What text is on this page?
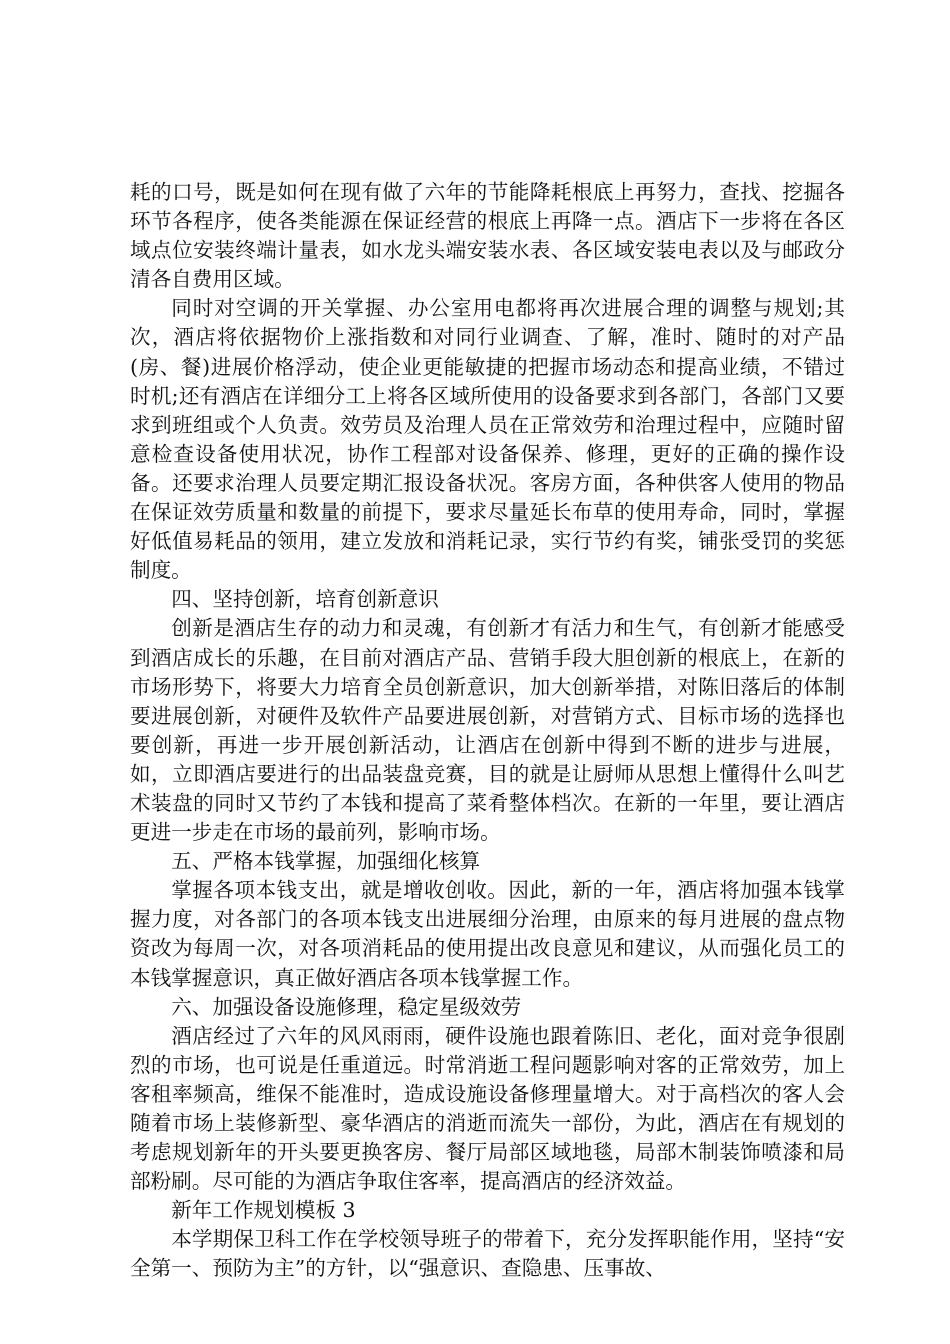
耗的口号，既是如何在现有做了六年的节能降耗根底上再努力，查找、挖掘各环节各程序，使各类能源在保证经营的根底上再降一点。酒店下一步将在各区域点位安装终端计量表，如水龙头端安装水表、各区域安装电表以及与邮政分清各自费用区域。

同时对空调的开关掌握、办公室用电都将再次进展合理的调整与规划;其次，酒店将依据物价上涨指数和对同行业调查、了解，准时、随时的对产品(房、餐)进展价格浮动，使企业更能敏捷的把握市场动态和提高业绩，不错过时机;还有酒店在详细分工上将各区域所使用的设备要求到各部门，各部门又要求到班组或个人负责。效劳员及治理人员在正常效劳和治理过程中，应随时留意检查设备使用状况，协作工程部对设备保养、修理，更好的正确的操作设备。还要求治理人员要定期汇报设备状况。客房方面，各种供客人使用的物品在保证效劳质量和数量的前提下，要求尽量延长布草的使用寿命，同时，掌握好低值易耗品的领用，建立发放和消耗记录，实行节约有奖，铺张受罚的奖惩制度。

四、坚持创新，培育创新意识

创新是酒店生存的动力和灵魂，有创新才有活力和生气，有创新才能感受到酒店成长的乐趣，在目前对酒店产品、营销手段大胆创新的根底上，在新的市场形势下，将要大力培育全员创新意识，加大创新举措，对陈旧落后的体制要进展创新，对硬件及软件产品要进展创新，对营销方式、目标市场的选择也要创新，再进一步开展创新活动，让酒店在创新中得到不断的进步与进展，如，立即酒店要进行的出品装盘竞赛，目的就是让厨师从思想上懂得什么叫艺术装盘的同时又节约了本钱和提高了菜肴整体档次。在新的一年里，要让酒店更进一步走在市场的最前列，影响市场。

五、严格本钱掌握，加强细化核算

掌握各项本钱支出，就是增收创收。因此，新的一年，酒店将加强本钱掌握力度，对各部门的各项本钱支出进展细分治理，由原来的每月进展的盘点物资改为每周一次，对各项消耗品的使用提出改良意见和建议，从而强化员工的本钱掌握意识，真正做好酒店各项本钱掌握工作。

六、加强设备设施修理，稳定星级效劳

酒店经过了六年的风风雨雨，硬件设施也跟着陈旧、老化，面对竞争很剧烈的市场，也可说是任重道远。时常消逝工程问题影响对客的正常效劳，加上客租率频高，维保不能准时，造成设施设备修理量增大。对于高档次的客人会随着市场上装修新型、豪华酒店的消逝而流失一部份，为此，酒店在有规划的考虑规划新年的开头要更换客房、餐厅局部区域地毯，局部木制装饰喷漆和局部粉刷。尽可能的为酒店争取住客率，提高酒店的经济效益。

新年工作规划模板 3

本学期保卫科工作在学校领导班子的带着下，充分发挥职能作用，坚持“安全第一、预防为主”的方针，以“强意识、查隐患、压事故、
